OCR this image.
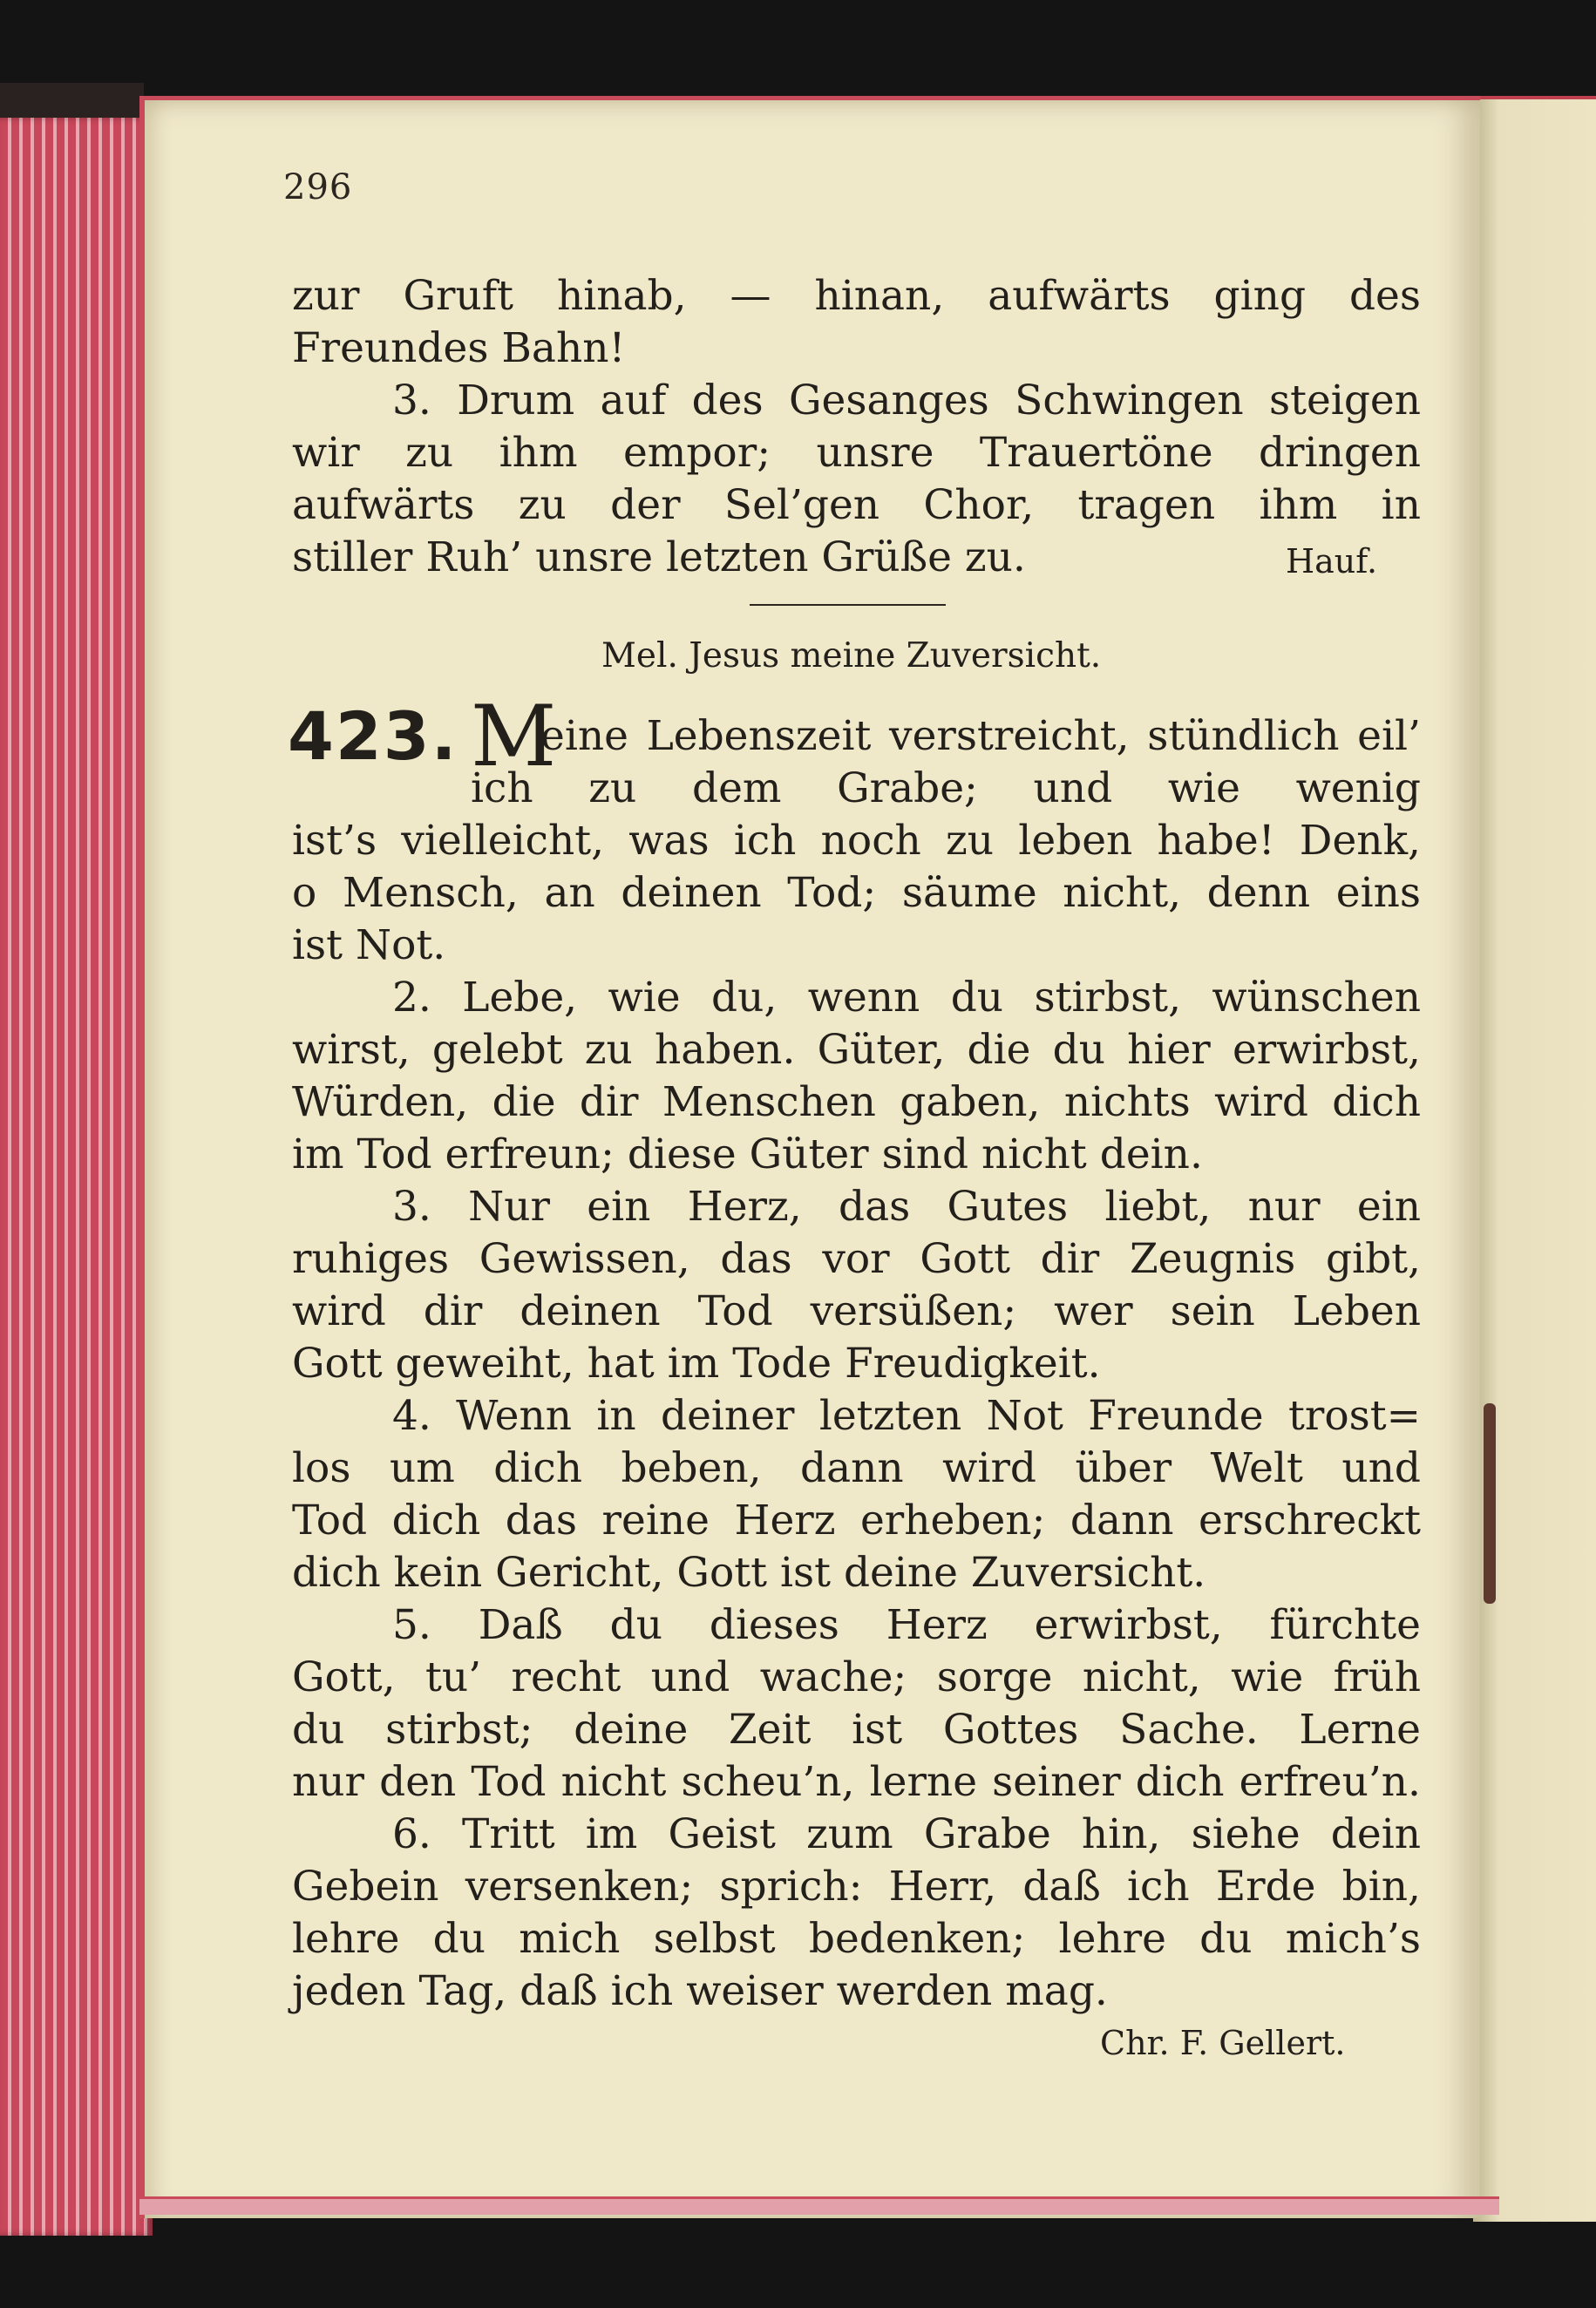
296
zur Gruft hinab, — hinan, aufwärts ging des
Freundes Bahn!
3. Drum auf des Gesanges Schwingen steigen
wir zu ihm empor; unsre Trauertöne dringen
aufwärts zu der Sel’gen Chor, tragen ihm in
stiller Ruh’ unsre letzten Grüße zu.	Hauf.
Mel. Jesus meine Zuversicht.
423. M
eine Lebenszeit verstreicht, stündlich eil’
ich zu dem Grabe; und wie wenig
ist’s vielleicht, was ich noch zu leben habe! Denk,
o Mensch, an deinen Tod; säume nicht, denn eins
ist Not.
2. Lebe, wie du, wenn du stirbst, wünschen
wirst, gelebt zu haben. Güter, die du hier erwirbst,
Würden, die dir Menschen gaben, nichts wird dich
im Tod erfreun; diese Güter sind nicht dein.
3. Nur ein Herz, das Gutes liebt, nur ein
ruhiges Gewissen, das vor Gott dir Zeugnis gibt,
wird dir deinen Tod versüßen; wer sein Leben
Gott geweiht, hat im Tode Freudigkeit.
4. Wenn in deiner letzten Not Freunde trost=
los um dich beben, dann wird über Welt und
Tod dich das reine Herz erheben; dann erschreckt
dich kein Gericht, Gott ist deine Zuversicht.
5. Daß du dieses Herz erwirbst, fürchte
Gott, tu’ recht und wache; sorge nicht, wie früh
du stirbst; deine Zeit ist Gottes Sache. Lerne
nur den Tod nicht scheu’n, lerne seiner dich erfreu’n.
6. Tritt im Geist zum Grabe hin, siehe dein
Gebein versenken; sprich: Herr, daß ich Erde bin,
lehre du mich selbst bedenken; lehre du mich’s
jeden Tag, daß ich weiser werden mag.
Chr. F. Gellert.
